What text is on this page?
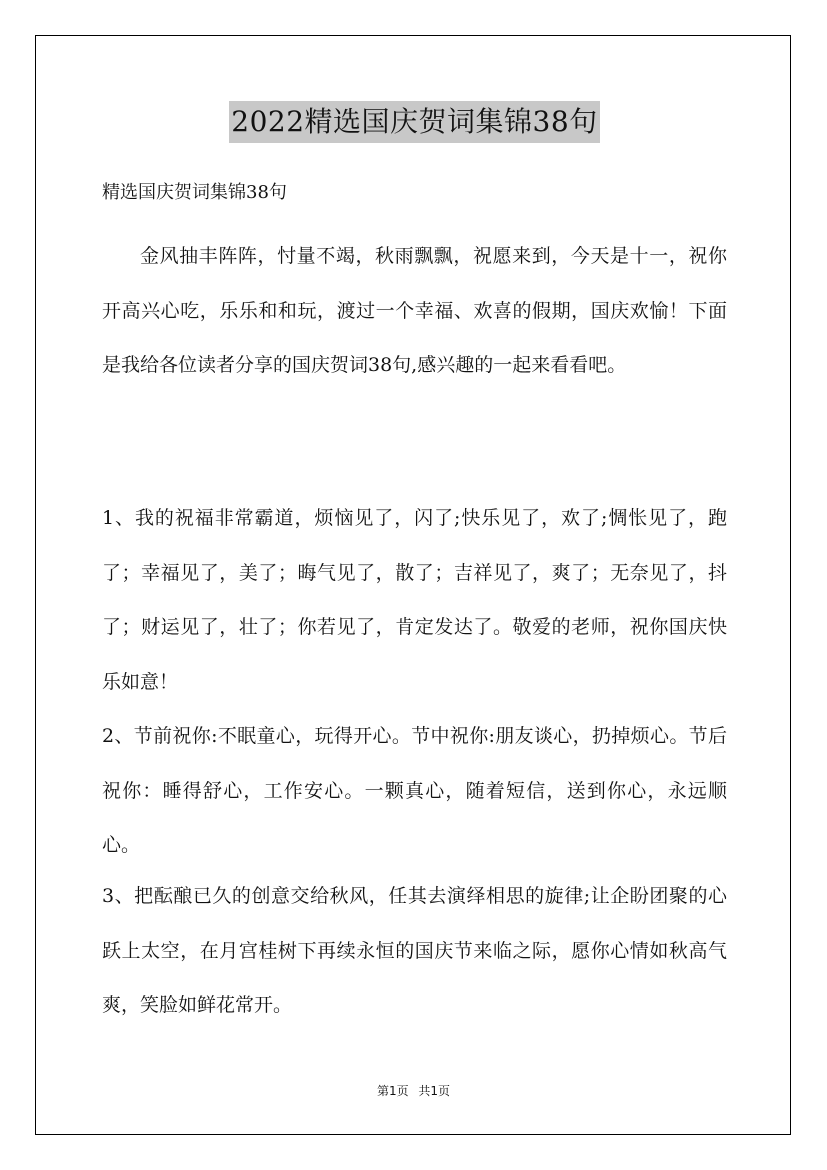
2022精选国庆贺词集锦38句
精选国庆贺词集锦38句

金风抽丰阵阵，忖量不竭，秋雨飘飘，祝愿来到，今天是十一，祝你开高兴心吃，乐乐和和玩，渡过一个幸福、欢喜的假期，国庆欢愉！下面是我给各位读者分享的国庆贺词38句,感兴趣的一起来看看吧。

1、我的祝福非常霸道，烦恼见了，闪了;快乐见了，欢了;惆怅见了，跑了；幸福见了，美了；晦气见了，散了；吉祥见了，爽了；无奈见了，抖了；财运见了，壮了；你若见了，肯定发达了。敬爱的老师，祝你国庆快乐如意！

2、节前祝你:不眠童心，玩得开心。节中祝你:朋友谈心，扔掉烦心。节后祝你：睡得舒心，工作安心。一颗真心，随着短信，送到你心，永远顺心。

3、把酝酿已久的创意交给秋风，任其去演绎相思的旋律;让企盼团聚的心跃上太空，在月宫桂树下再续永恒的国庆节来临之际，愿你心情如秋高气爽，笑脸如鲜花常开。

第1页 共1页
